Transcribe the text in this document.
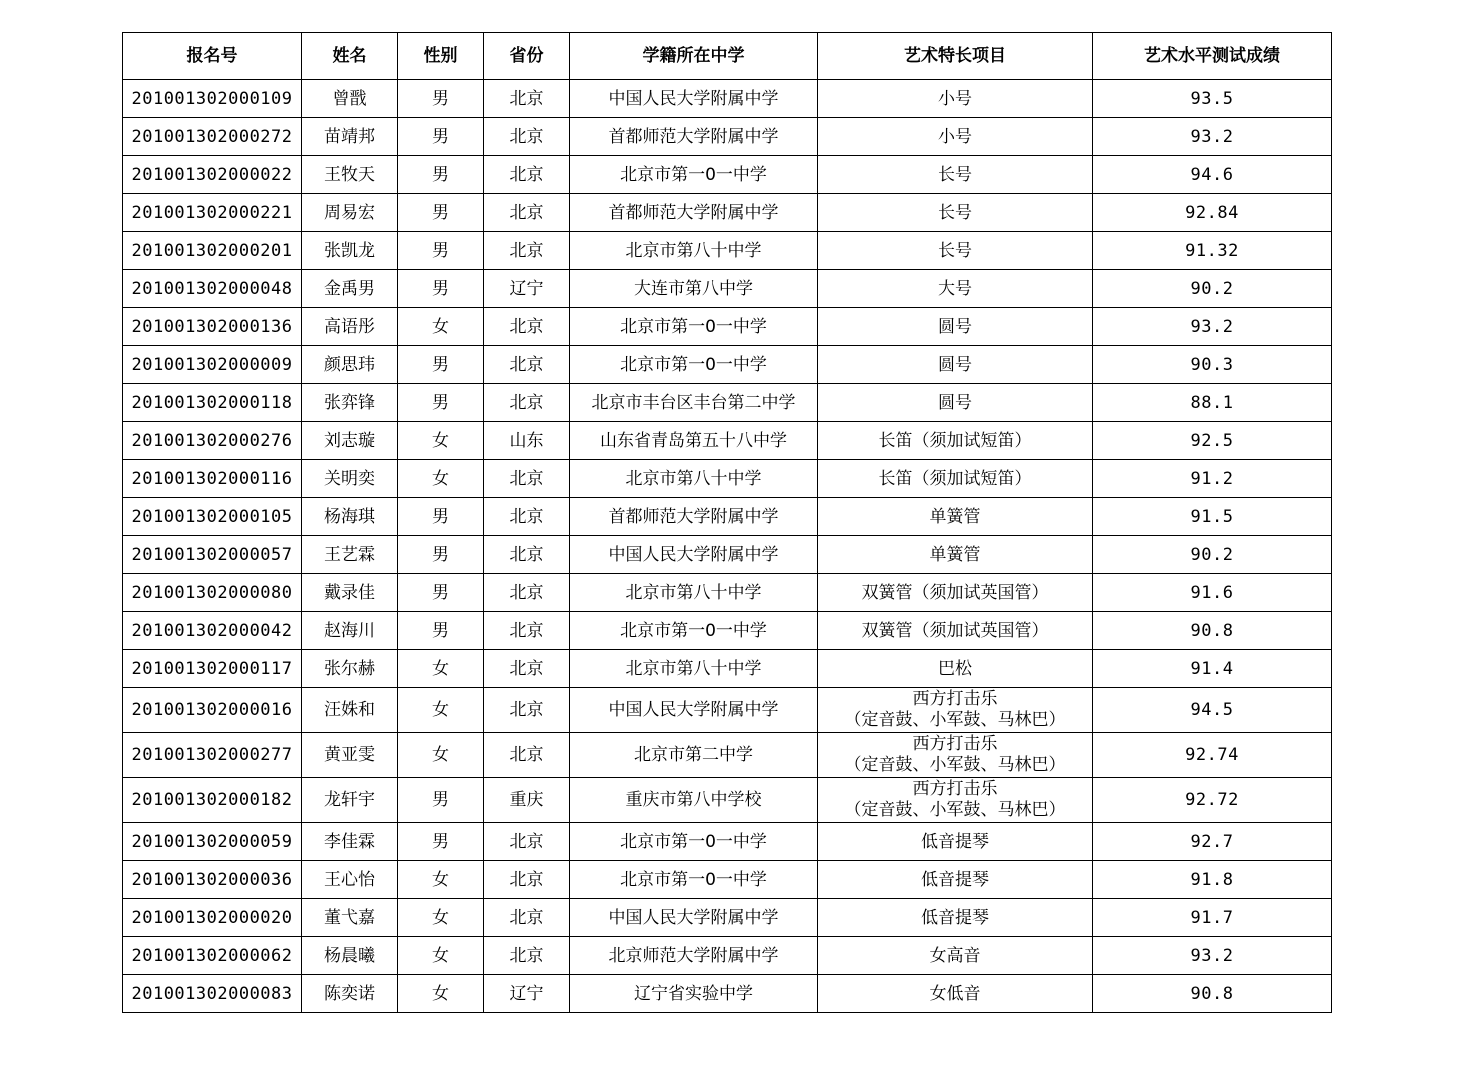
报名号	姓名	性别	省份	学籍所在中学	艺术特长项目	艺术水平测试成绩
201001302000109	曾戬	男	北京	中国人民大学附属中学	小号	93.5
201001302000272	苗靖邦	男	北京	首都师范大学附属中学	小号	93.2
201001302000022	王牧天	男	北京	北京市第一0一中学	长号	94.6
201001302000221	周易宏	男	北京	首都师范大学附属中学	长号	92.84
201001302000201	张凯龙	男	北京	北京市第八十中学	长号	91.32
201001302000048	金禹男	男	辽宁	大连市第八中学	大号	90.2
201001302000136	高语彤	女	北京	北京市第一0一中学	圆号	93.2
201001302000009	颜思玮	男	北京	北京市第一0一中学	圆号	90.3
201001302000118	张弈锋	男	北京	北京市丰台区丰台第二中学	圆号	88.1
201001302000276	刘志璇	女	山东	山东省青岛第五十八中学	长笛（须加试短笛）	92.5
201001302000116	关明奕	女	北京	北京市第八十中学	长笛（须加试短笛）	91.2
201001302000105	杨海琪	男	北京	首都师范大学附属中学	单簧管	91.5
201001302000057	王艺霖	男	北京	中国人民大学附属中学	单簧管	90.2
201001302000080	戴录佳	男	北京	北京市第八十中学	双簧管（须加试英国管）	91.6
201001302000042	赵海川	男	北京	北京市第一0一中学	双簧管（须加试英国管）	90.8
201001302000117	张尔赫	女	北京	北京市第八十中学	巴松	91.4
201001302000016	汪姝和	女	北京	中国人民大学附属中学	西方打击乐
（定音鼓、小军鼓、马林巴）	94.5
201001302000277	黄亚雯	女	北京	北京市第二中学	西方打击乐
（定音鼓、小军鼓、马林巴）	92.74
201001302000182	龙轩宇	男	重庆	重庆市第八中学校	西方打击乐
（定音鼓、小军鼓、马林巴）	92.72
201001302000059	李佳霖	男	北京	北京市第一0一中学	低音提琴	92.7
201001302000036	王心怡	女	北京	北京市第一0一中学	低音提琴	91.8
201001302000020	董弋嘉	女	北京	中国人民大学附属中学	低音提琴	91.7
201001302000062	杨晨曦	女	北京	北京师范大学附属中学	女高音	93.2
201001302000083	陈奕诺	女	辽宁	辽宁省实验中学	女低音	90.8
